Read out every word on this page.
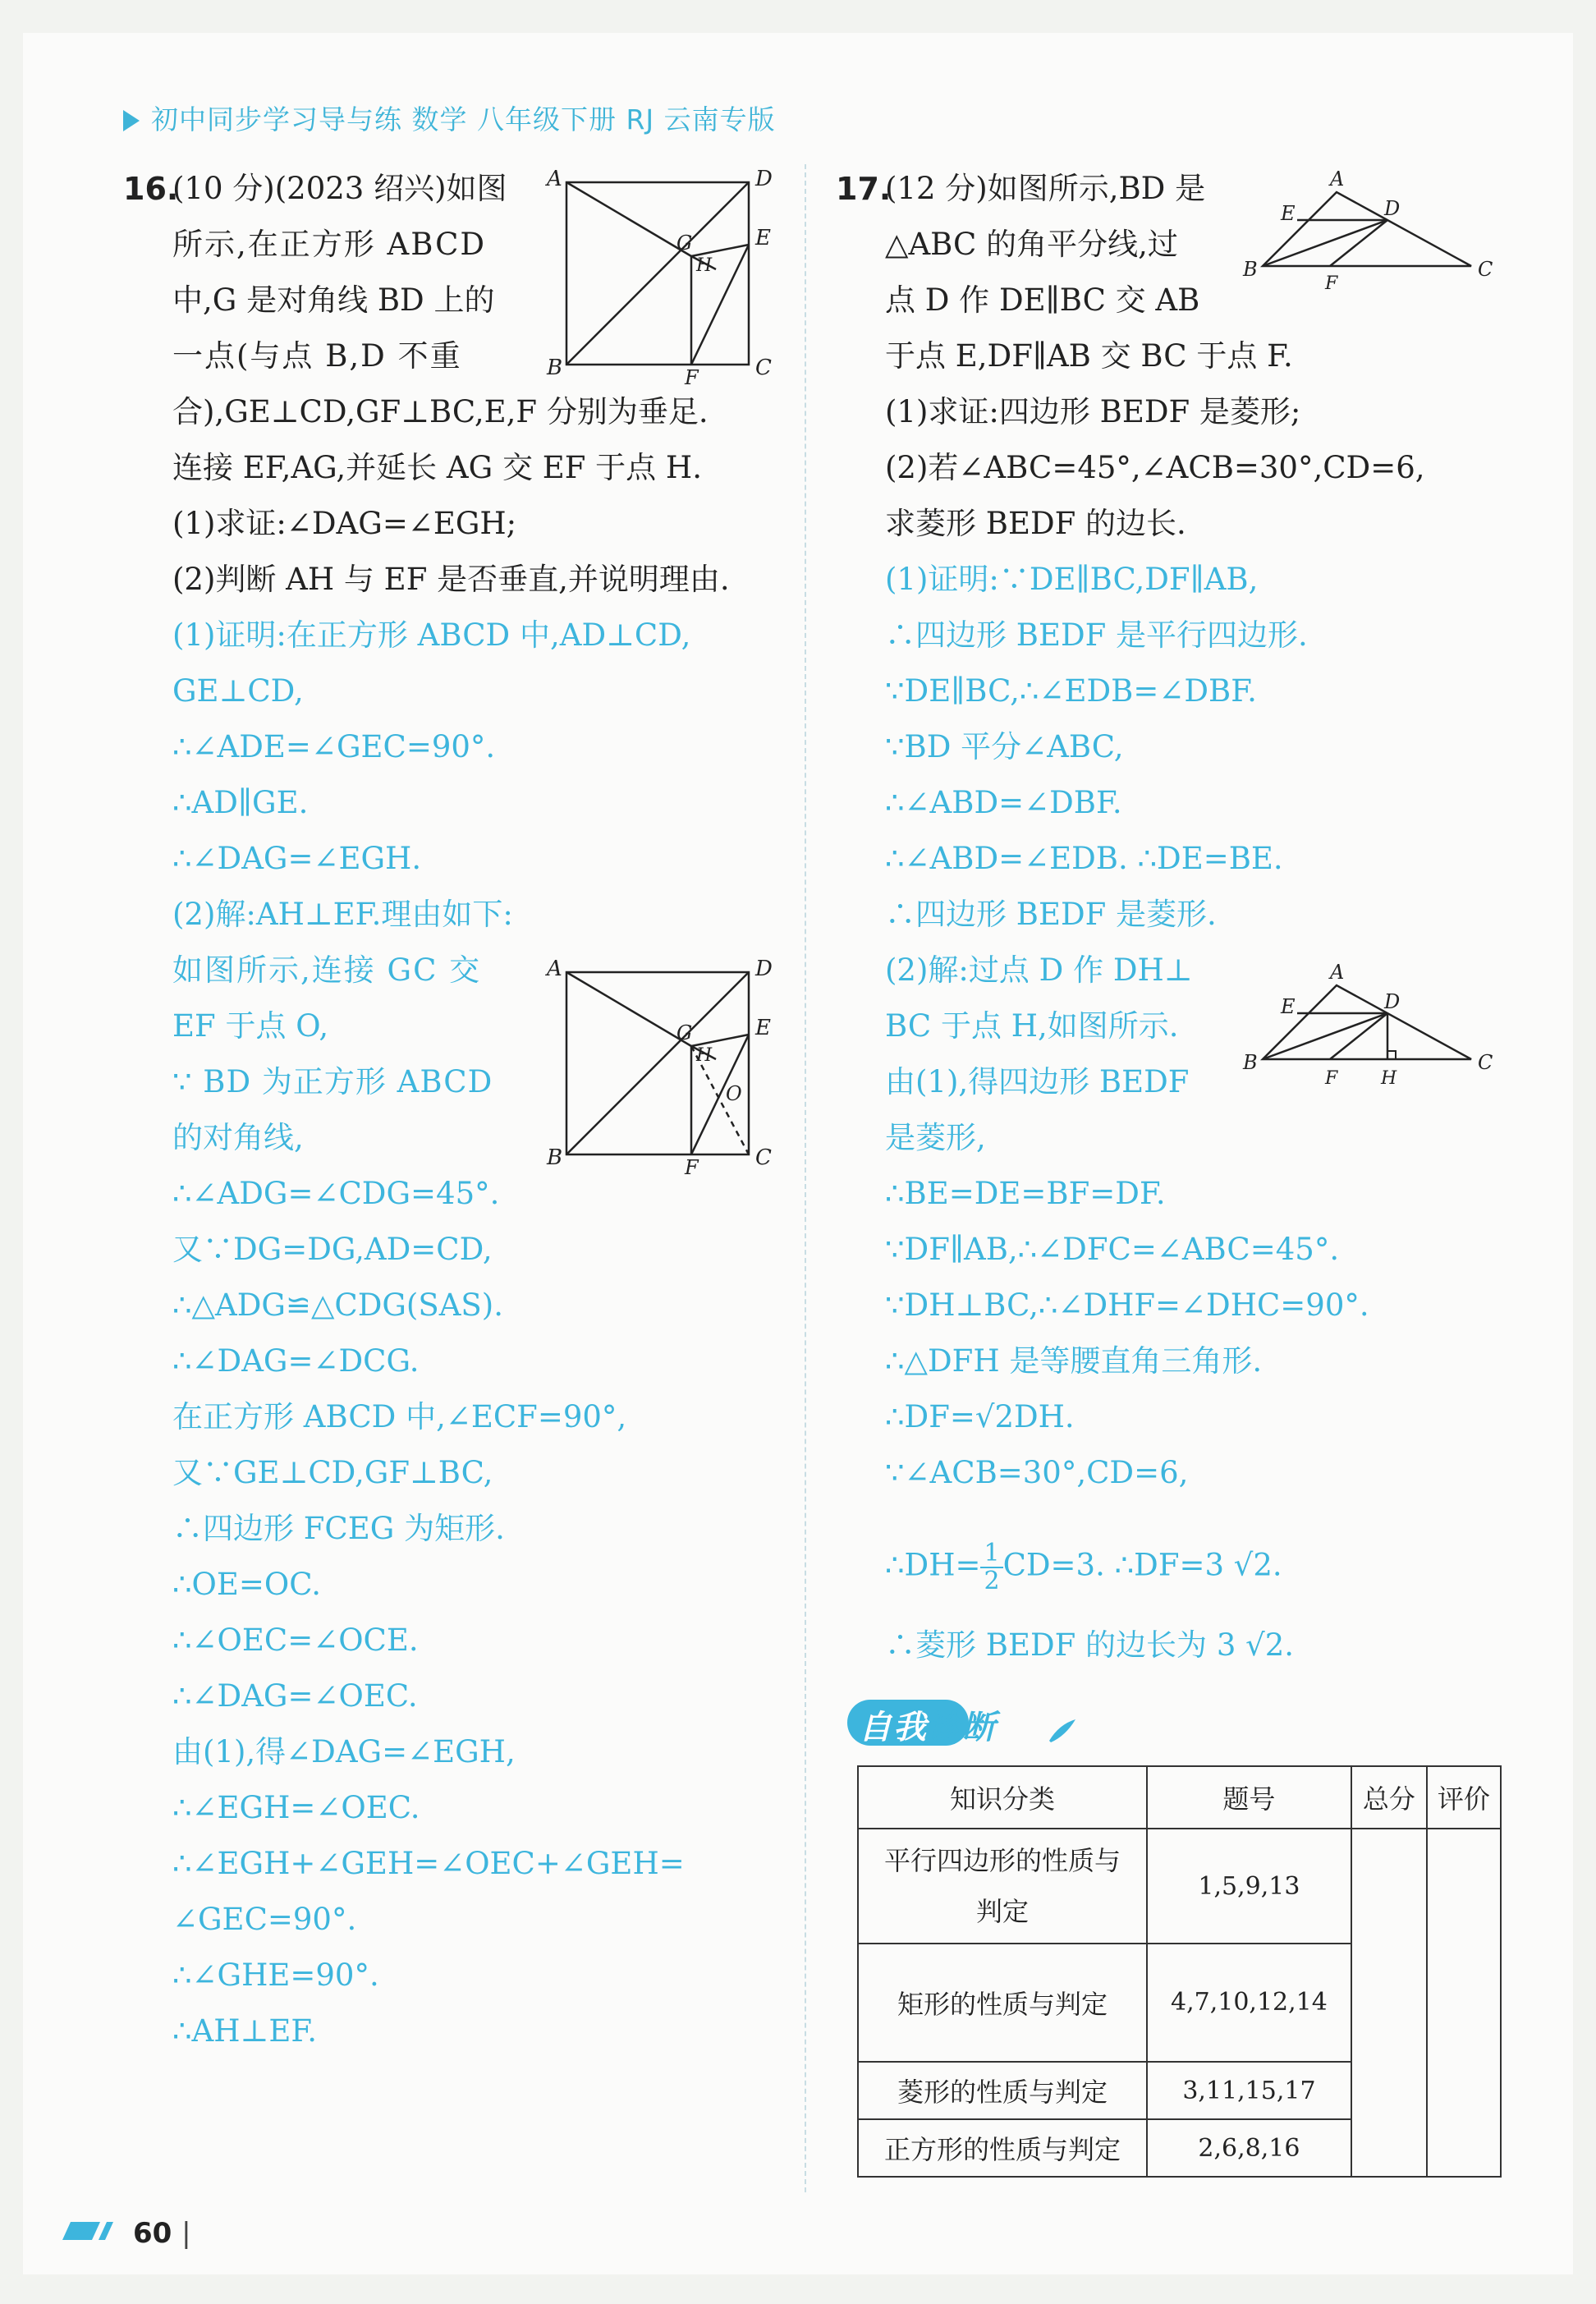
初中同步学习导与练 数学 八年级下册 RJ 云南专版
16.
(10 分)(2023 绍兴)如图
所示,在正方形 ABCD
中,G 是对角线 BD 上的
一点(与点 B,D 不重
合),GE⊥CD,GF⊥BC,E,F 分别为垂足.
连接 EF,AG,并延长 AG 交 EF 于点 H.
(1)求证:∠DAG=∠EGH;
(2)判断 AH 与 EF 是否垂直,并说明理由.
(1)证明:在正方形 ABCD 中,AD⊥CD,
GE⊥CD,
∴∠ADE=∠GEC=90°.
∴AD∥GE.
∴∠DAG=∠EGH.
(2)解:AH⊥EF.理由如下:
如图所示,连接 GC 交
EF 于点 O,
∵ BD 为正方形 ABCD
的对角线,
∴∠ADG=∠CDG=45°.
又∵DG=DG,AD=CD,
∴△ADG≌△CDG(SAS).
∴∠DAG=∠DCG.
在正方形 ABCD 中,∠ECF=90°,
又∵GE⊥CD,GF⊥BC,
∴四边形 FCEG 为矩形.
∴OE=OC.
∴∠OEC=∠OCE.
∴∠DAG=∠OEC.
由(1),得∠DAG=∠EGH,
∴∠EGH=∠OEC.
∴∠EGH+∠GEH=∠OEC+∠GEH=
∠GEC=90°.
∴∠GHE=90°.
∴AH⊥EF.
A	D
E
G
H
B	F	C
A	D
E
G
H
O
B	F	C
17.
(12 分)如图所示,BD 是
△ABC 的角平分线,过
点 D 作 DE∥BC 交 AB
于点 E,DF∥AB 交 BC 于点 F.
(1)求证:四边形 BEDF 是菱形;
(2)若∠ABC=45°,∠ACB=30°,CD=6,
求菱形 BEDF 的边长.
(1)证明:∵DE∥BC,DF∥AB,
∴四边形 BEDF 是平行四边形.
∵DE∥BC,∴∠EDB=∠DBF.
∵BD 平分∠ABC,
∴∠ABD=∠DBF.
∴∠ABD=∠EDB. ∴DE=BE.
∴四边形 BEDF 是菱形.
(2)解:过点 D 作 DH⊥
BC 于点 H,如图所示.
由(1),得四边形 BEDF
是菱形,
∴BE=DE=BF=DF.
∵DF∥AB,∴∠DFC=∠ABC=45°.
∵DH⊥BC,∴∠DHF=∠DHC=90°.
∴△DFH 是等腰直角三角形.
∴DF=√2DH.
∵∠ACB=30°,CD=6,
∴DH= $\frac{1}{2} CD=3$. ∴DF=3 √2.
∴菱形 BEDF 的边长为 3 √2.
A
E	D
B
F
C
A
E	D
B
F H
C
自我诊断
知识分类	题号	总分	评价
平行四边形的性质与判定	1,5,9,13		
矩形的性质与判定	4,7,10,12,14		
菱形的性质与判定	3,11,15,17		
正方形的性质与判定	2,6,8,16		
60 |
